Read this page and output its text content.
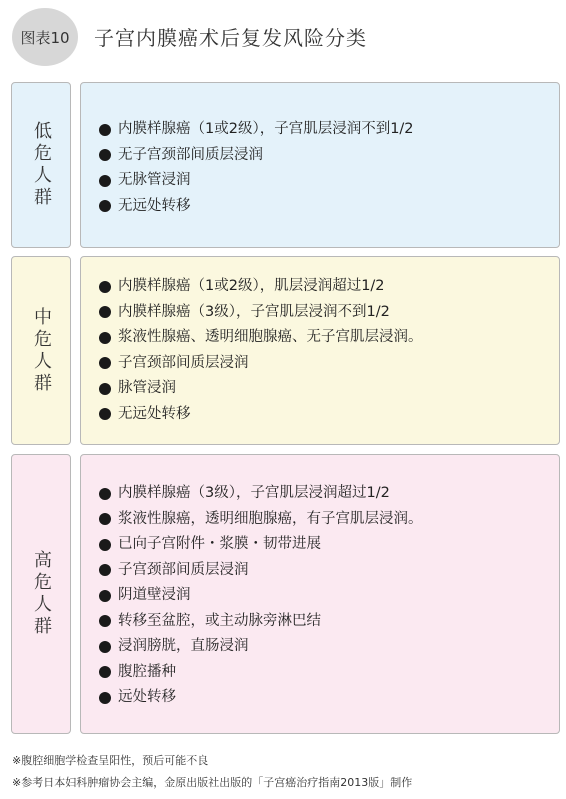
图表10	子宫内膜癌术后复发风险分类
低危人群	内膜样腺癌（1或2级），子宫肌层浸润不到1/2
无子宫颈部间质层浸润
无脉管浸润
无远处转移
中危人群
内膜样腺癌（1或2级），肌层浸润超过1/2
内膜样腺癌（3级），子宫肌层浸润不到1/2
浆液性腺癌、透明细胞腺癌、无子宫肌层浸润。
子宫颈部间质层浸润
脉管浸润
无远处转移
高危人群
内膜样腺癌（3级），子宫肌层浸润超过1/2
浆液性腺癌，透明细胞腺癌，有子宫肌层浸润。
已向子宫附件・浆膜・韧带进展
子宫颈部间质层浸润
阴道壁浸润
转移至盆腔，或主动脉旁淋巴结
浸润膀胱，直肠浸润
腹腔播种
远处转移
※腹腔细胞学检查呈阳性，预后可能不良
※参考日本妇科肿瘤协会主编，金原出版社出版的「子宫癌治疗指南2013版」制作
